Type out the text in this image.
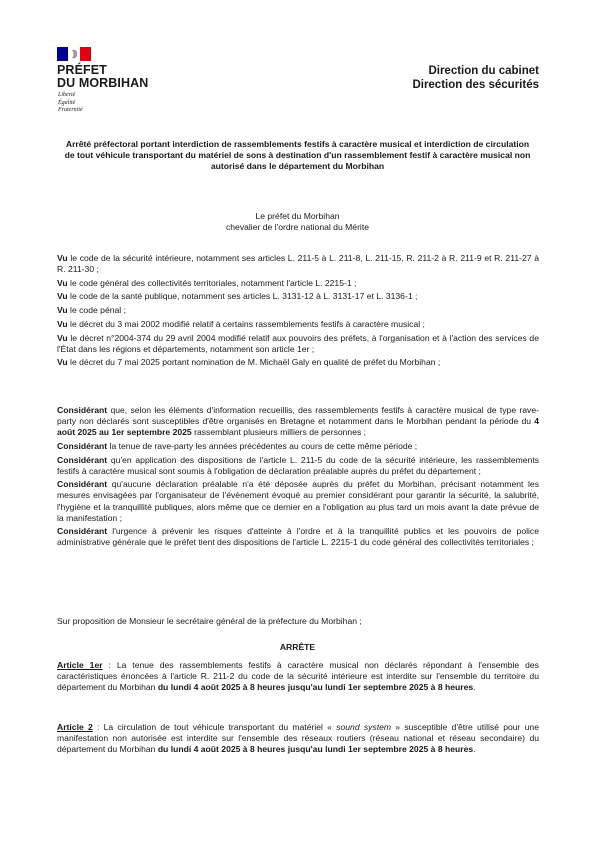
PRÉFET
DU MORBIHAN
Liberté
Égalité
Fraternité
Direction du cabinet
Direction des sécurités
Arrêté préfectoral portant interdiction de rassemblements festifs à caractère musical et interdiction de circulation de tout véhicule transportant du matériel de sons à destination d'un rassemblement festif à caractère musical non autorisé dans le département du Morbihan
Le préfet du Morbihan
chevalier de l'ordre national du Mérite

Vu le code de la sécurité intérieure, notamment ses articles L. 211-5 à L. 211-8, L. 211-15, R. 211-2 à R. 211-9 et R. 211-27 à R. 211-30 ;

Vu le code général des collectivités territoriales, notamment l'article L. 2215-1 ;

Vu le code de la santé publique, notamment ses articles L. 3131-12 à L. 3131-17 et L. 3136-1 ;

Vu le code pénal ;

Vu le décret du 3 mai 2002 modifié relatif à certains rassemblements festifs à caractère musical ;

Vu le décret n°2004-374 du 29 avril 2004 modifié relatif aux pouvoirs des préfets, à l'organisation et à l'action des services de l'État dans les régions et départements, notamment son article 1er ;

Vu le décret du 7 mai 2025 portant nomination de M. Michaël Galy en qualité de préfet du Morbihan ;

Considérant que, selon les éléments d'information recueillis, des rassemblements festifs à caractère musical de type rave-party non déclarés sont susceptibles d'être organisés en Bretagne et notamment dans le Morbihan pendant la période du 4 août 2025 au 1er septembre 2025 rassemblant plusieurs milliers de personnes ;

Considérant la tenue de rave-party les années précédentes au cours de cette même période ;

Considérant qu'en application des dispositions de l'article L. 211-5 du code de la sécurité intérieure, les rassemblements festifs à caractère musical sont soumis à l'obligation de déclaration préalable auprès du préfet du département ;

Considérant qu'aucune déclaration préalable n'a été déposée auprès du préfet du Morbihan, précisant notamment les mesures envisagées par l'organisateur de l'évènement évoqué au premier considérant pour garantir la sécurité, la salubrité, l'hygiène et la tranquillité publiques, alors même que ce dernier en a l'obligation au plus tard un mois avant la date prévue de la manifestation ;

Considérant l'urgence à prévenir les risques d'atteinte à l'ordre et à la tranquillité publics et les pouvoirs de police administrative générale que le préfet tient des dispositions de l'article L. 2215-1 du code général des collectivités territoriales ;

Sur proposition de Monsieur le secrétaire général de la préfecture du Morbihan ;

ARRÊTE

Article 1er : La tenue des rassemblements festifs à caractère musical non déclarés répondant à l'ensemble des caractéristiques énoncées à l'article R. 211-2 du code de la sécurité intérieure est interdite sur l'ensemble du territoire du département du Morbihan du lundi 4 août 2025 à 8 heures jusqu'au lundi 1er septembre 2025 à 8 heures.

Article 2 : La circulation de tout véhicule transportant du matériel « sound system » susceptible d'être utilisé pour une manifestation non autorisée est interdite sur l'ensemble des réseaux routiers (réseau national et réseau secondaire) du département du Morbihan du lundi 4 août 2025 à 8 heures jusqu'au lundi 1er septembre 2025 à 8 heures.
